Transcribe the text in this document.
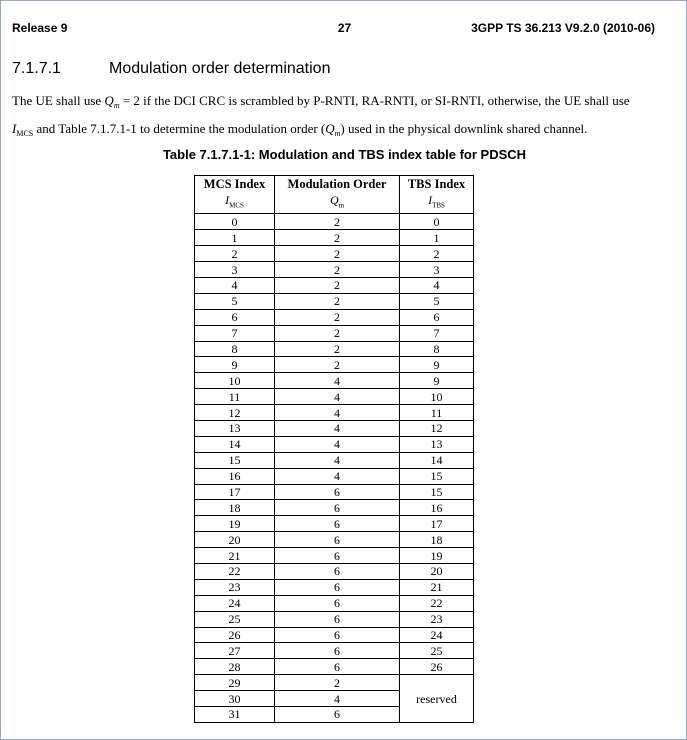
Release 9	27	3GPP TS 36.213 V9.2.0 (2010-06)
7.1.7.1	Modulation order determination
The UE shall use $Q_m = 2$ if the DCI CRC is scrambled by P-RNTI, RA-RNTI, or SI-RNTI, otherwise, the UE shall use $I_{MCS}$ and Table 7.1.7.1-1 to determine the modulation order $(Q_m)$ used in the physical downlink shared channel.
Table 7.1.7.1-1: Modulation and TBS index table for PDSCH
MCS Index	Modulation Order	TBS Index
$I_{MCS}$	$Q_m$	$I_{TBS}$
0	2	0
1	2	1
2	2	2
3	2	3
4	2	4
5	2	5
6	2	6
7	2	7
8	2	8
9	2	9
10	4	9
11	4	10
12	4	11
13	4	12
14	4	13
15	4	14
16	4	15
17	6	15
18	6	16
19	6	17
20	6	18
21	6	19
22	6	20
23	6	21
24	6	22
25	6	23
26	6	24
27	6	25
28	6	26
29	2	reserved
30	4	
31	6	
